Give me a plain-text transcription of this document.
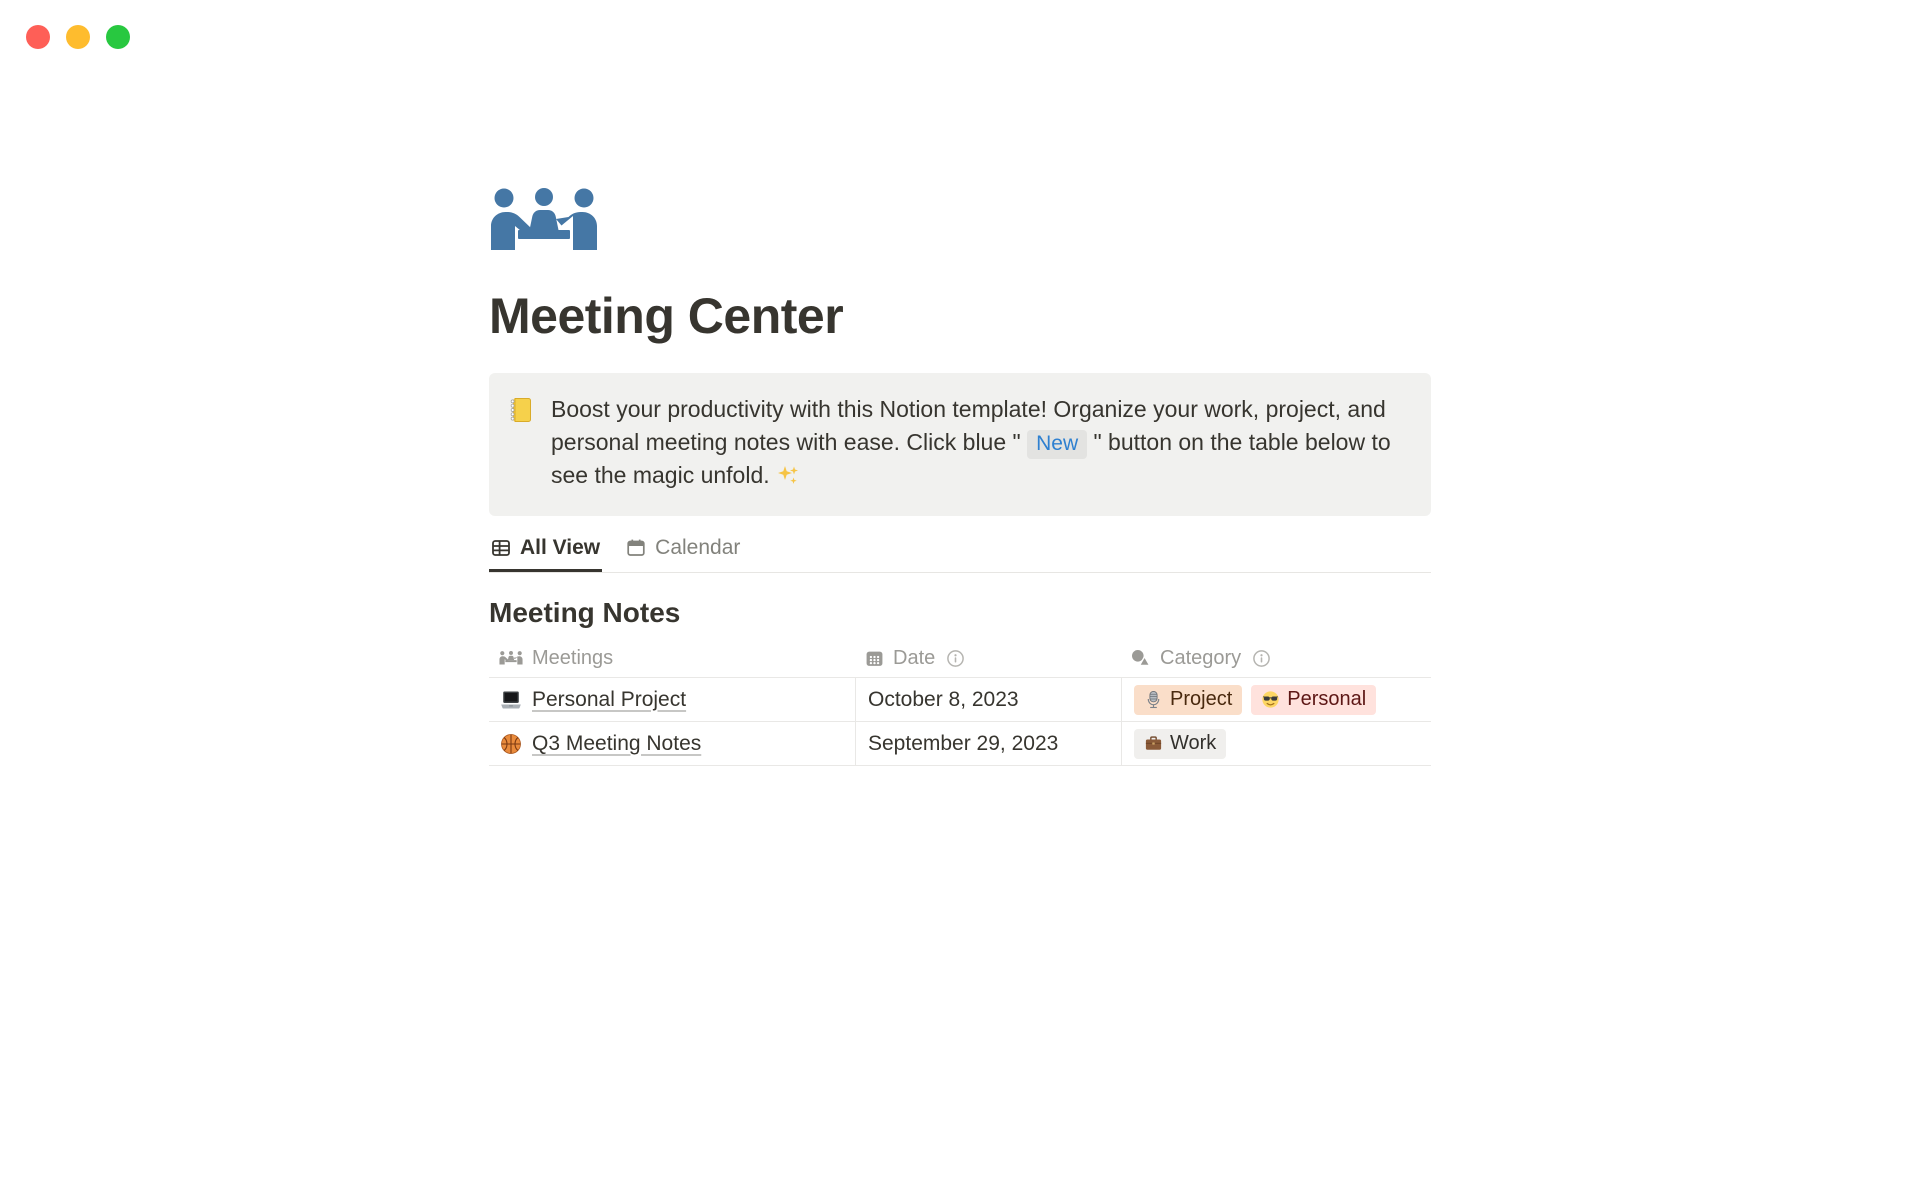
Meeting Center
Boost your productivity with this Notion template! Organize your work, project, and personal meeting notes with ease. Click blue " New " button on the table below to see the magic unfold.
All View	Calendar
Meeting Notes
Meetings	Date	Category
Personal Project	October 8, 2023	Project	Personal
Q3 Meeting Notes	September 29, 2023	Work
